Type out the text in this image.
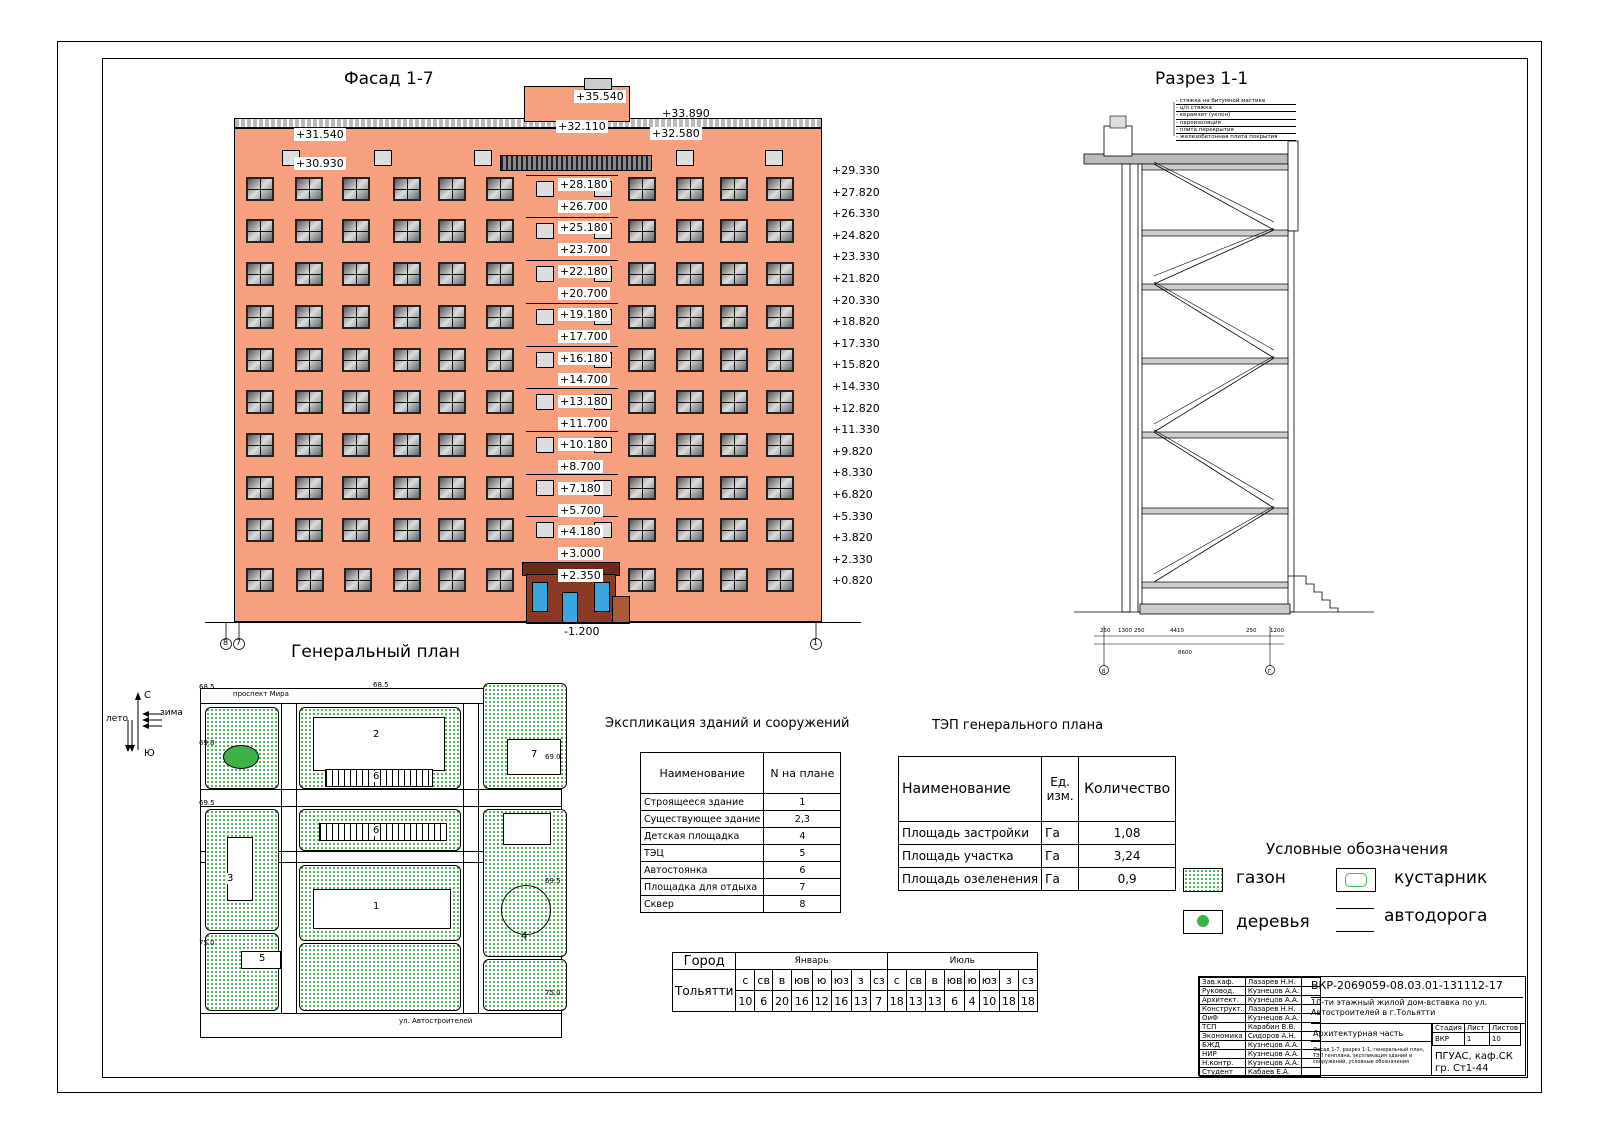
Фасад 1-7
8 7	1
+35.540
+33.890
+32.110
+32.580
+31.540
+30.930
+29.330
+27.820
+26.330
+24.820
+23.330
+21.820
+20.330
+18.820
+17.330
+15.820
+14.330
+12.820
+11.330
+9.820
+8.330
+6.820
+5.330
+3.820
+2.330
+0.820
+28.180
+26.700
+25.180
+23.700
+22.180
+20.700
+19.180
+17.700
+16.180
+14.700
+13.180
+11.700
+10.180
+8.700
+7.180
+5.700
+4.180
+3.000
+2.350
-1.200
Разрез 1-1
В	Г
8600
- стяжка на битумной мастике
- ц/п стяжка
- керамзит (уклон)
- пароизоляция
- плита перекрытия
- железобетонная плита покрытия
250 1300 250	4410	250 1200
Генеральный план
С
Ю
лето
зима
проспект Мира
ул. Автостроителей
2
6
6
1
3
5
7
4
68.5	68.5
69.0
69.0
69.5
69.5
75.0
75.0
Экспликация зданий и сооружений
Наименование	N на плане
Строящееся здание	1
Существующее здание	2,3
Детская площадка	4
ТЭЦ	5
Автостоянка	6
Площадка для отдыха	7
Сквер	8
ТЭП генерального плана
Наименование	Ед. изм.	Количество
Площадь застройки	Га	1,08
Площадь участка	Га	3,24
Площадь озеленения	Га	0,9
Условные обозначения
газон	кустарник
деревья	автодорога
Город	Январь								Июль							
Тольятти	с	св	в	юв	ю	юз	з	сз	с	св	в	юв	ю	юз	з	сз
	10	6	20	16	12	16	13	7	18	13	13	6	4	10	18	18
Зав.каф.	Лазарев Н.Н.	
Руковод.	Кузнецов А.А.	
Архитект.	Кузнецов А.А.	
Конструкт.	Лазарев Н.Н.	
ОиФ	Кузнецов А.А.	
ТСП	Карабин В.В.	
Экономика	Сидоров А.Н.	
БЖД	Кузнецов А.А.	
НИР	Кузнецов А.А.	
Н.контр.	Кузнецов А.А.	
Студент	Кабаев Е.А.	
ВКР-2069059-08.03.01-131112-17
10-ти этажный жилой дом-вставка по ул. Автостроителей в г.Тольятти
Архитектурная часть
Фасад 1-7, разрез 1-1, генеральный план, ТЭП генплана, экспликация зданий и сооружений, условные обозначения
Стадия	Лист	Листов
ВКР	1	10
ПГУАС, каф.СК
гр. Ст1-44
